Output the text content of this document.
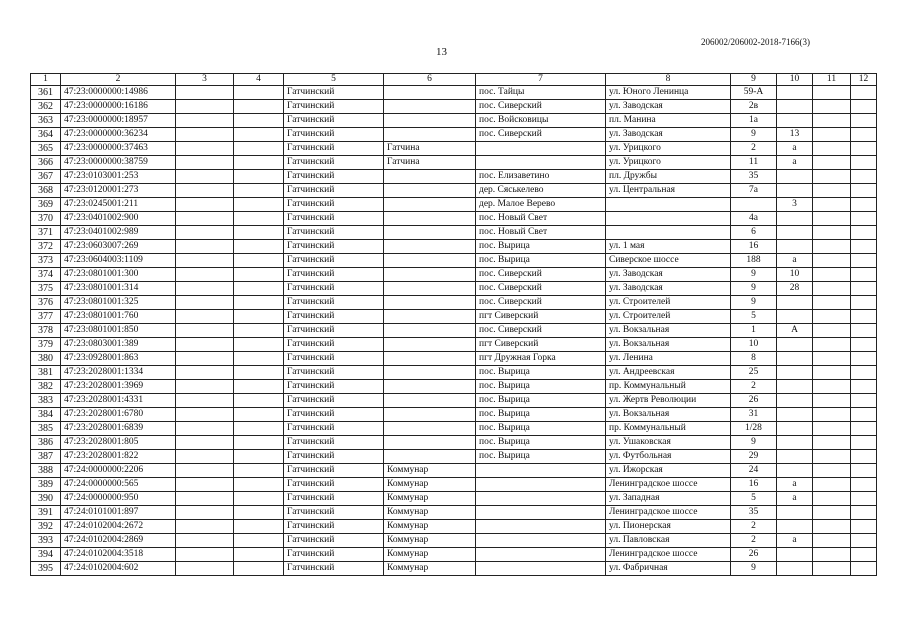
206002/206002-2018-7166(3)
13
1	2	3	4	5	6	7	8	9	10	11	12
361	47:23:0000000:14986			Гатчинский		пос. Тайцы	ул. Юного Ленинца	59-А			
362	47:23:0000000:16186			Гатчинский		пос. Сиверский	ул. Заводская	2в			
363	47:23:0000000:18957			Гатчинский		пос. Войсковицы	пл. Манина	1а			
364	47:23:0000000:36234			Гатчинский		пос. Сиверский	ул. Заводская	9	13		
365	47:23:0000000:37463			Гатчинский	Гатчина		ул. Урицкого	2	а		
366	47:23:0000000:38759			Гатчинский	Гатчина		ул. Урицкого	11	а		
367	47:23:0103001:253			Гатчинский		пос. Елизаветино	пл. Дружбы	35			
368	47:23:0120001:273			Гатчинский		дер. Сяськелево	ул. Центральная	7а			
369	47:23:0245001:211			Гатчинский		дер. Малое Верево			3		
370	47:23:0401002:900			Гатчинский		пос. Новый Свет		4а			
371	47:23:0401002:989			Гатчинский		пос. Новый Свет		6			
372	47:23:0603007:269			Гатчинский		пос. Вырица	ул. 1 мая	16			
373	47:23:0604003:1109			Гатчинский		пос. Вырица	Сиверское шоссе	188	а		
374	47:23:0801001:300			Гатчинский		пос. Сиверский	ул. Заводская	9	10		
375	47:23:0801001:314			Гатчинский		пос. Сиверский	ул. Заводская	9	28		
376	47:23:0801001:325			Гатчинский		пос. Сиверский	ул. Строителей	9			
377	47:23:0801001:760			Гатчинский		пгт Сиверский	ул. Строителей	5			
378	47:23:0801001:850			Гатчинский		пос. Сиверский	ул. Вокзальная	1	А		
379	47:23:0803001:389			Гатчинский		пгт Сиверский	ул. Вокзальная	10			
380	47:23:0928001:863			Гатчинский		пгт Дружная Горка	ул. Ленина	8			
381	47:23:2028001:1334			Гатчинский		пос. Вырица	ул. Андреевская	25			
382	47:23:2028001:3969			Гатчинский		пос. Вырица	пр. Коммунальный	2			
383	47:23:2028001:4331			Гатчинский		пос. Вырица	ул. Жертв Революции	26			
384	47:23:2028001:6780			Гатчинский		пос. Вырица	ул. Вокзальная	31			
385	47:23:2028001:6839			Гатчинский		пос. Вырица	пр. Коммунальный	1/28			
386	47:23:2028001:805			Гатчинский		пос. Вырица	ул. Ушаковская	9			
387	47:23:2028001:822			Гатчинский		пос. Вырица	ул. Футбольная	29			
388	47:24:0000000:2206			Гатчинский	Коммунар		ул. Ижорская	24			
389	47:24:0000000:565			Гатчинский	Коммунар		Ленинградское шоссе	16	а		
390	47:24:0000000:950			Гатчинский	Коммунар		ул. Западная	5	а		
391	47:24:0101001:897			Гатчинский	Коммунар		Ленинградское шоссе	35			
392	47:24:0102004:2672			Гатчинский	Коммунар		ул. Пионерская	2			
393	47:24:0102004:2869			Гатчинский	Коммунар		ул. Павловская	2	а		
394	47:24:0102004:3518			Гатчинский	Коммунар		Ленинградское шоссе	26			
395	47:24:0102004:602			Гатчинский	Коммунар		ул. Фабричная	9			
